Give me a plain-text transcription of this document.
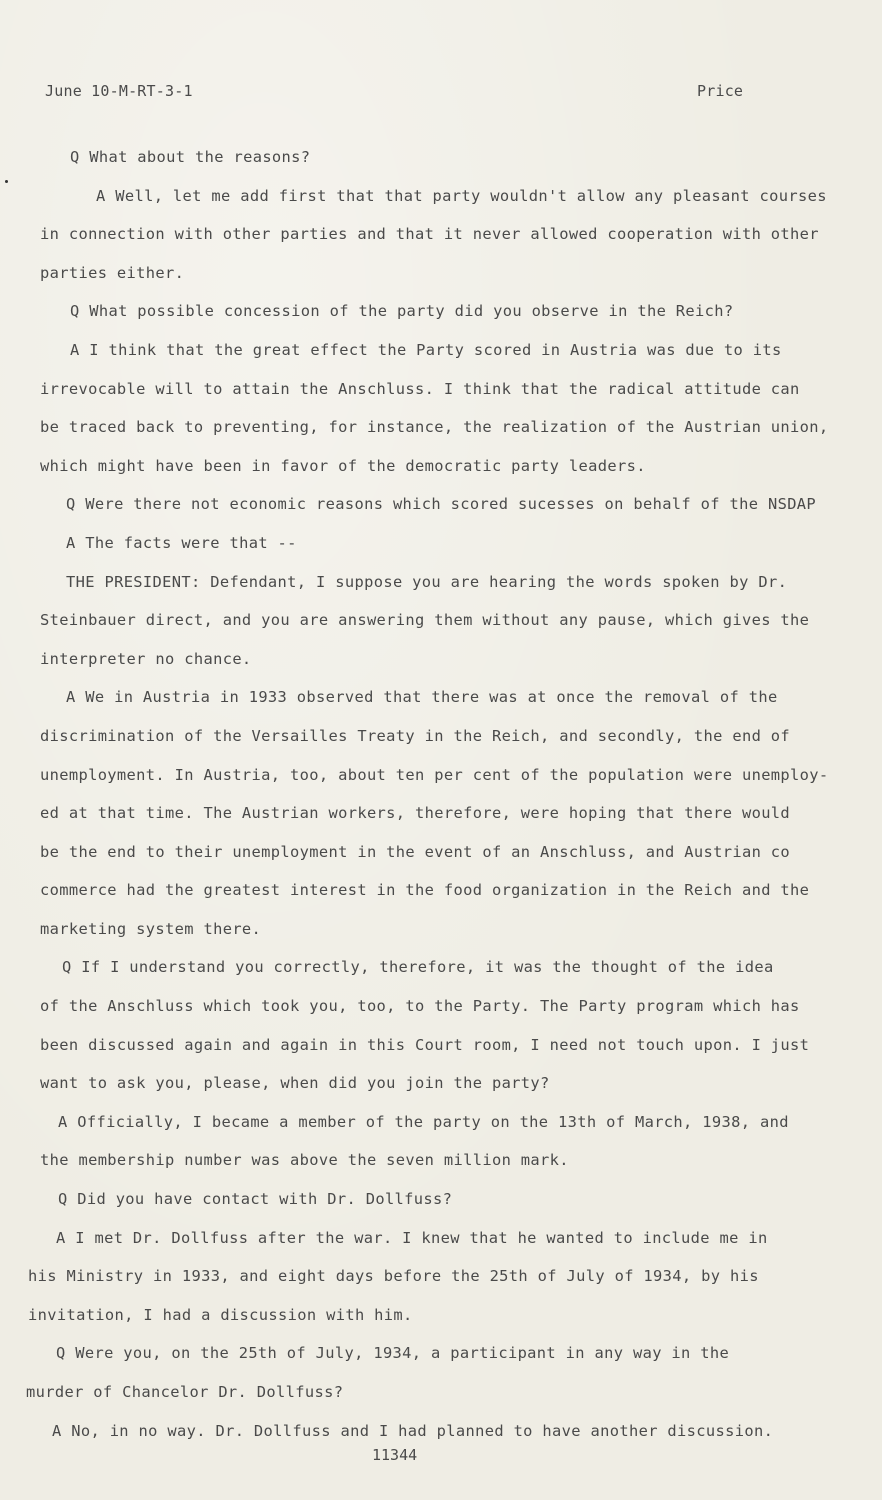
June 10-M-RT-3-1	Price
Q What about the reasons?
A Well, let me add first that that party wouldn't allow any pleasant courses
in connection with other parties and that it never allowed cooperation with other
parties either.
Q What possible concession of the party did you observe in the Reich?
A I think that the great effect the Party scored in Austria was due to its
irrevocable will to attain the Anschluss. I think that the radical attitude can
be traced back to preventing, for instance, the realization of the Austrian union,
which might have been in favor of the democratic party leaders.
Q Were there not economic reasons which scored sucesses on behalf of the NSDAP
A The facts were that --
THE PRESIDENT: Defendant, I suppose you are hearing the words spoken by Dr.
Steinbauer direct, and you are answering them without any pause, which gives the
interpreter no chance.
A We in Austria in 1933 observed that there was at once the removal of the
discrimination of the Versailles Treaty in the Reich, and secondly, the end of
unemployment. In Austria, too, about ten per cent of the population were unemploy-
ed at that time. The Austrian workers, therefore, were hoping that there would
be the end to their unemployment in the event of an Anschluss, and Austrian co
commerce had the greatest interest in the food organization in the Reich and the
marketing system there.
Q If I understand you correctly, therefore, it was the thought of the idea
of the Anschluss which took you, too, to the Party. The Party program which has
been discussed again and again in this Court room, I need not touch upon. I just
want to ask you, please, when did you join the party?
A Officially, I became a member of the party on the 13th of March, 1938, and
the membership number was above the seven million mark.
Q Did you have contact with Dr. Dollfuss?
A I met Dr. Dollfuss after the war. I knew that he wanted to include me in
his Ministry in 1933, and eight days before the 25th of July of 1934, by his
invitation, I had a discussion with him.
Q Were you, on the 25th of July, 1934, a participant in any way in the
murder of Chancelor Dr. Dollfuss?
A No, in no way. Dr. Dollfuss and I had planned to have another discussion.
11344
